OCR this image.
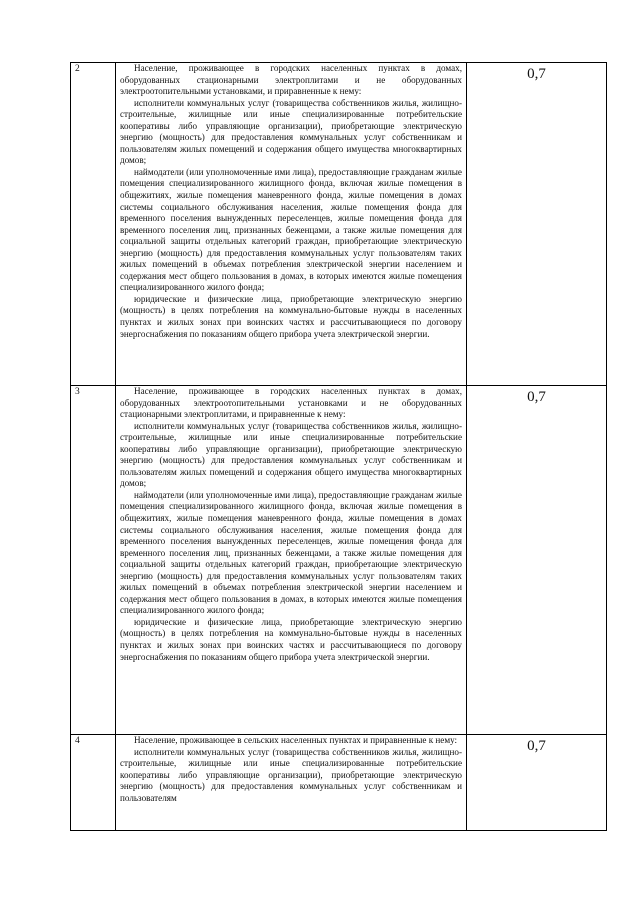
2	Население, проживающее в городских населенных пунктах в домах, оборудованных стационарными электроплитами и не оборудованных электроотопительными установками, и приравненные к нему:

исполнители коммунальных услуг (товарищества собственников жилья, жилищно-строительные, жилищные или иные специализированные потребительские кооперативы либо управляющие организации), приобретающие электрическую энергию (мощность) для предоставления коммунальных услуг собственникам и пользователям жилых помещений и содержания общего имущества многоквартирных домов;

наймодатели (или уполномоченные ими лица), предоставляющие гражданам жилые помещения специализированного жилищного фонда, включая жилые помещения в общежитиях, жилые помещения маневренного фонда, жилые помещения в домах системы социального обслуживания населения, жилые помещения фонда для временного поселения вынужденных переселенцев, жилые помещения фонда для временного поселения лиц, признанных беженцами, а также жилые помещения для социальной защиты отдельных категорий граждан, приобретающие электрическую энергию (мощность) для предоставления коммунальных услуг пользователям таких жилых помещений в объемах потребления электрической энергии населением и содержания мест общего пользования в домах, в которых имеются жилые помещения специализированного жилого фонда;

юридические и физические лица, приобретающие электрическую энергию (мощность) в целях потребления на коммунально-бытовые нужды в населенных пунктах и жилых зонах при воинских частях и рассчитывающиеся по договору энергоснабжения по показаниям общего прибора учета электрической энергии.	0,7
3	Население, проживающее в городских населенных пунктах в домах, оборудованных электроотопительными установками и не оборудованных стационарными электроплитами, и приравненные к нему:

исполнители коммунальных услуг (товарищества собственников жилья, жилищно-строительные, жилищные или иные специализированные потребительские кооперативы либо управляющие организации), приобретающие электрическую энергию (мощность) для предоставления коммунальных услуг собственникам и пользователям жилых помещений и содержания общего имущества многоквартирных домов;

наймодатели (или уполномоченные ими лица), предоставляющие гражданам жилые помещения специализированного жилищного фонда, включая жилые помещения в общежитиях, жилые помещения маневренного фонда, жилые помещения в домах системы социального обслуживания населения, жилые помещения фонда для временного поселения вынужденных переселенцев, жилые помещения фонда для временного поселения лиц, признанных беженцами, а также жилые помещения для социальной защиты отдельных категорий граждан, приобретающие электрическую энергию (мощность) для предоставления коммунальных услуг пользователям таких жилых помещений в объемах потребления электрической энергии населением и содержания мест общего пользования в домах, в которых имеются жилые помещения специализированного жилого фонда;

юридические и физические лица, приобретающие электрическую энергию (мощность) в целях потребления на коммунально-бытовые нужды в населенных пунктах и жилых зонах при воинских частях и рассчитывающиеся по договору энергоснабжения по показаниям общего прибора учета электрической энергии.	0,7
4	Население, проживающее в сельских населенных пунктах и приравненные к нему:

исполнители коммунальных услуг (товарищества собственников жилья, жилищно-строительные, жилищные или иные специализированные потребительские кооперативы либо управляющие организации), приобретающие электрическую энергию (мощность) для предоставления коммунальных услуг собственникам и пользователям	0,7
